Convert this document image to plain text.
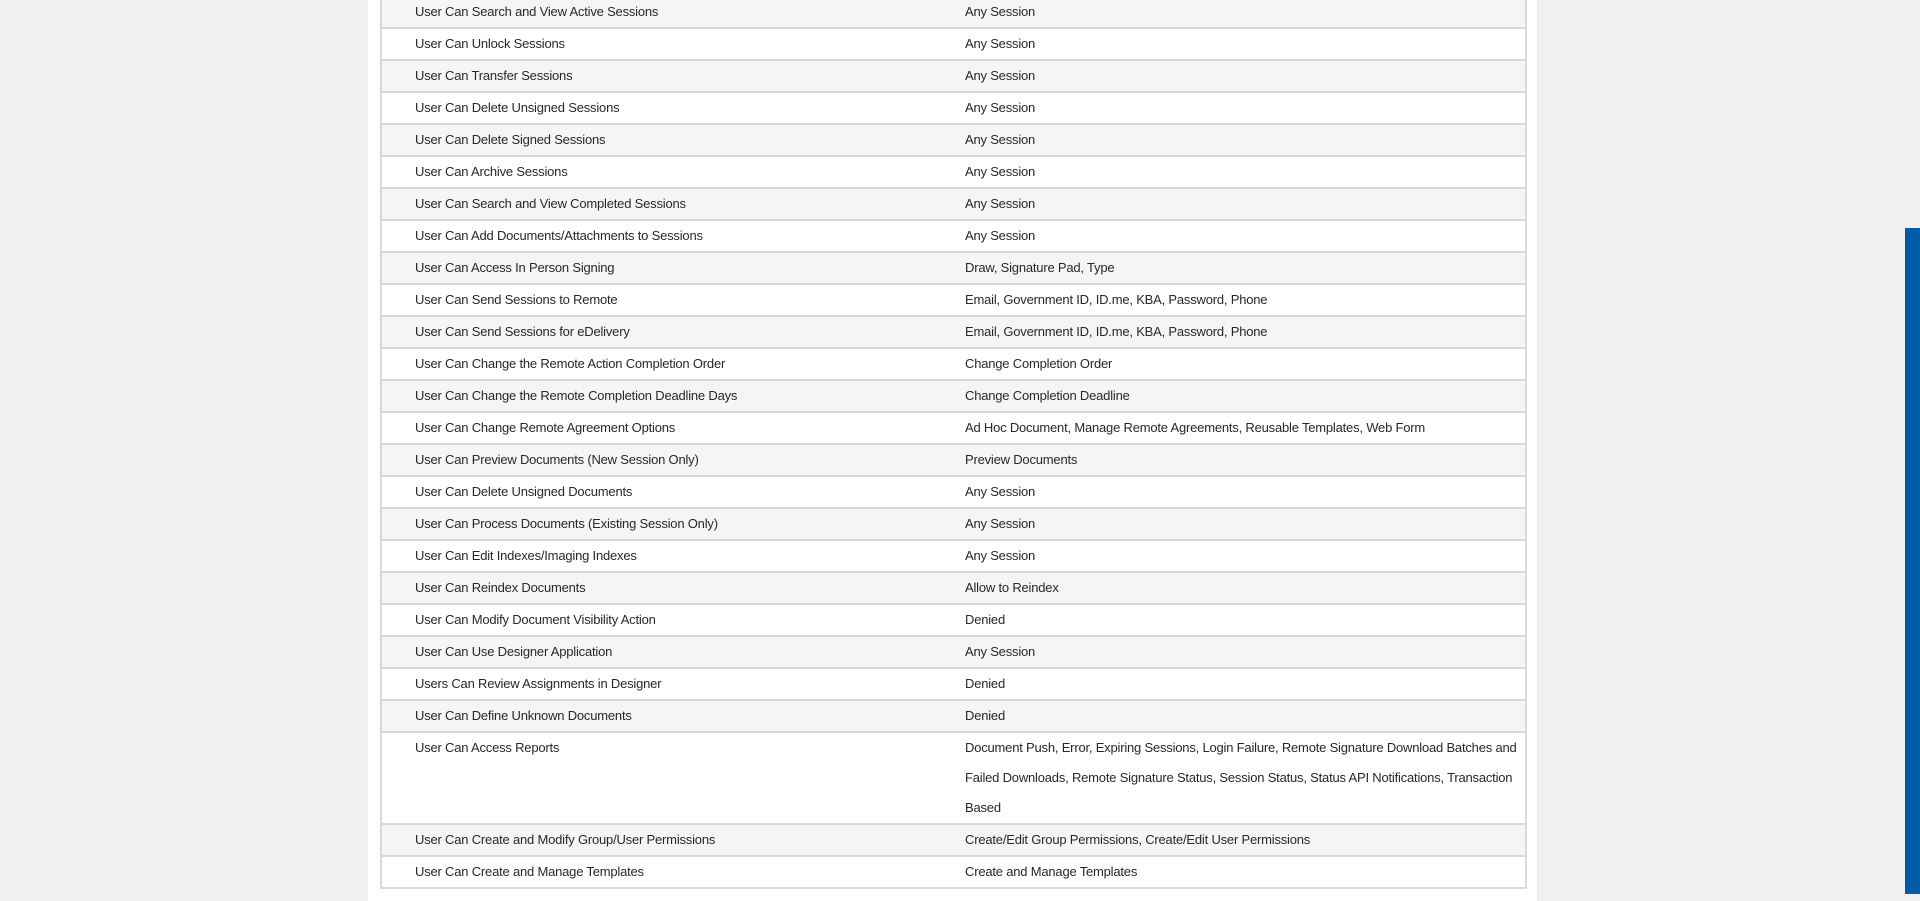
User Can Search and View Active Sessions	Any Session
User Can Unlock Sessions	Any Session
User Can Transfer Sessions	Any Session
User Can Delete Unsigned Sessions	Any Session
User Can Delete Signed Sessions	Any Session
User Can Archive Sessions	Any Session
User Can Search and View Completed Sessions	Any Session
User Can Add Documents/Attachments to Sessions	Any Session
User Can Access In Person Signing	Draw, Signature Pad, Type
User Can Send Sessions to Remote	Email, Government ID, ID.me, KBA, Password, Phone
User Can Send Sessions for eDelivery	Email, Government ID, ID.me, KBA, Password, Phone
User Can Change the Remote Action Completion Order	Change Completion Order
User Can Change the Remote Completion Deadline Days	Change Completion Deadline
User Can Change Remote Agreement Options	Ad Hoc Document, Manage Remote Agreements, Reusable Templates, Web Form
User Can Preview Documents (New Session Only)	Preview Documents
User Can Delete Unsigned Documents	Any Session
User Can Process Documents (Existing Session Only)	Any Session
User Can Edit Indexes/Imaging Indexes	Any Session
User Can Reindex Documents	Allow to Reindex
User Can Modify Document Visibility Action	Denied
User Can Use Designer Application	Any Session
Users Can Review Assignments in Designer	Denied
User Can Define Unknown Documents	Denied
User Can Access Reports	Document Push, Error, Expiring Sessions, Login Failure, Remote Signature Download Batches and Failed Downloads, Remote Signature Status, Session Status, Status API Notifications, Transaction Based
User Can Create and Modify Group/User Permissions	Create/Edit Group Permissions, Create/Edit User Permissions
User Can Create and Manage Templates	Create and Manage Templates
